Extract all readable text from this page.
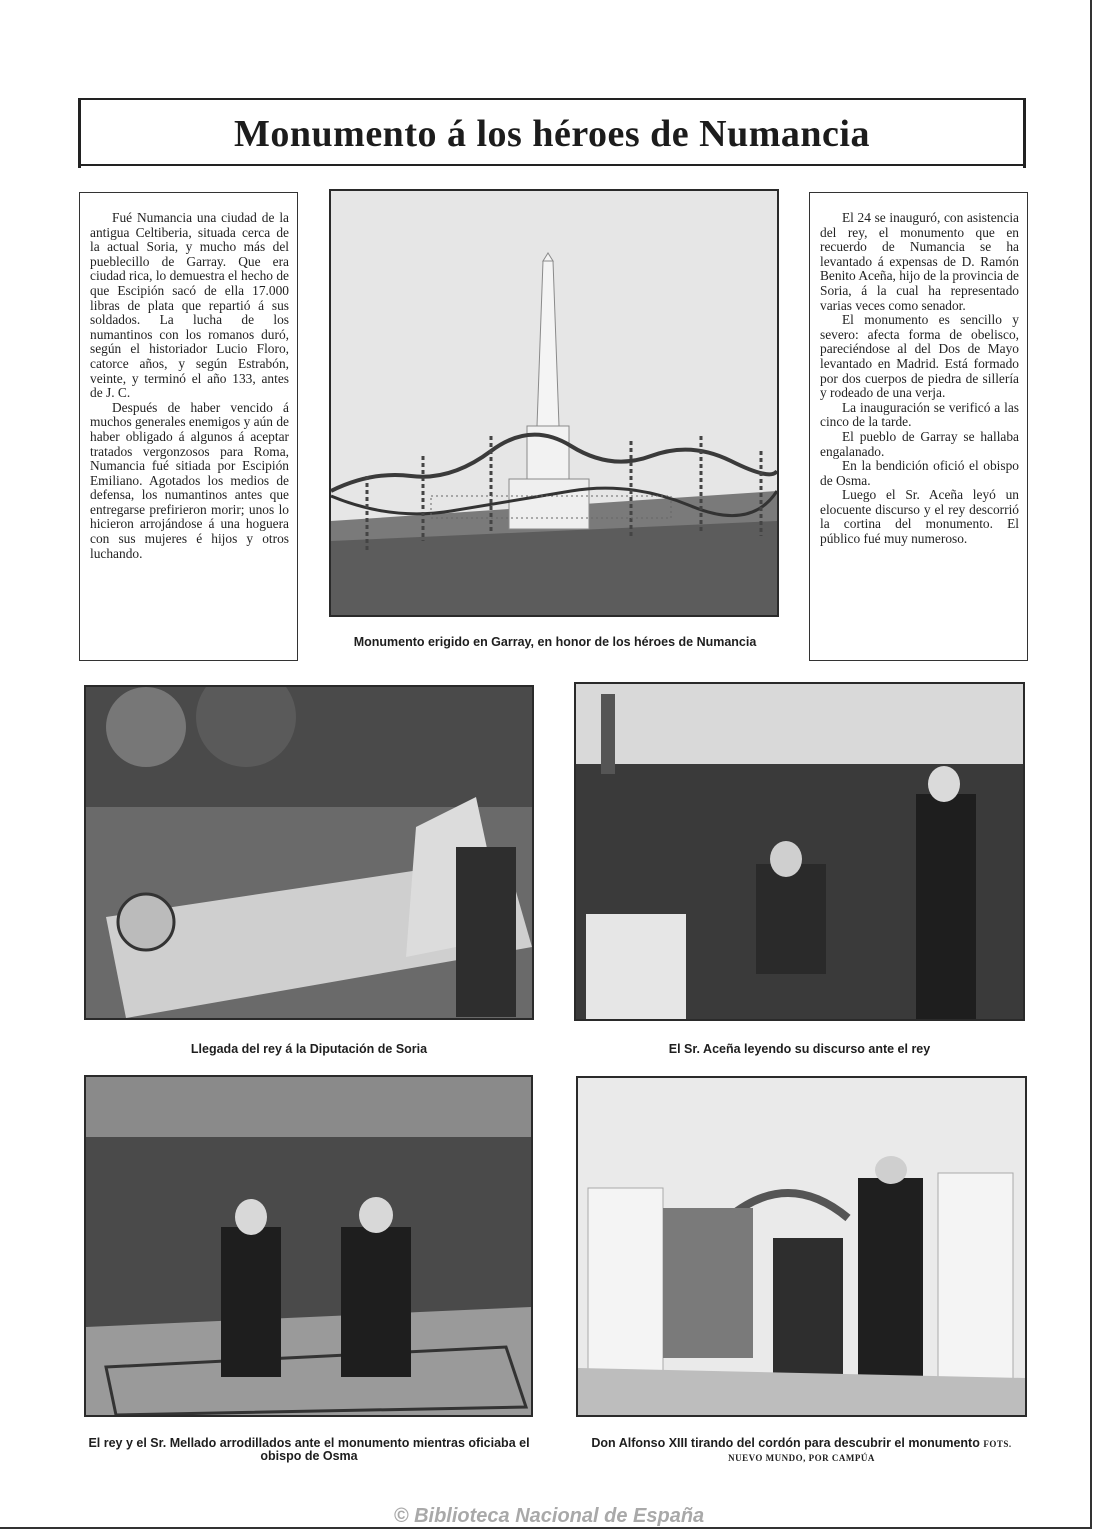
Monumento á los héroes de Numancia

Fué Numancia una ciudad de la antigua Celtiberia, situada cerca de la actual Soria, y mucho más del pueblecillo de Garray. Que era ciudad rica, lo demuestra el hecho de que Escipión sacó de ella 17.000 libras de plata que repartió á sus soldados. La lucha de los numantinos con los romanos duró, según el historiador Lucio Floro, catorce años, y según Estrabón, veinte, y terminó el año 133, antes de J. C.

Después de haber vencido á muchos generales enemigos y aún de haber obligado á algunos á aceptar tratados vergonzosos para Roma, Numancia fué sitiada por Escipión Emiliano. Agotados los medios de defensa, los numantinos antes que entregarse prefirieron morir; unos lo hicieron arrojándose á una hoguera con sus mujeres é hijos y otros luchando.

El 24 se inauguró, con asistencia del rey, el monumento que en recuerdo de Numancia se ha levantado á expensas de D. Ramón Benito Aceña, hijo de la provincia de Soria, á la cual ha representado varias veces como senador.

El monumento es sencillo y severo: afecta forma de obelisco, pareciéndose al del Dos de Mayo levantado en Madrid. Está formado por dos cuerpos de piedra de sillería y rodeado de una verja.

La inauguración se verificó a las cinco de la tarde.

El pueblo de Garray se hallaba engalanado.

En la bendición ofició el obispo de Osma.

Luego el Sr. Aceña leyó un elocuente discurso y el rey descorrió la cortina del monumento. El público fué muy numeroso.

Monumento erigido en Garray, en honor de los héroes de Numancia
Llegada del rey á la Diputación de Soria	El Sr. Aceña leyendo su discurso ante el rey
El rey y el Sr. Mellado arrodillados ante el monumento mientras oficiaba el obispo de Osma
Don Alfonso XIII tirando del cordón para descubrir el monumento FOTS. NUEVO MUNDO, POR CAMPÚA
© Biblioteca Nacional de España
